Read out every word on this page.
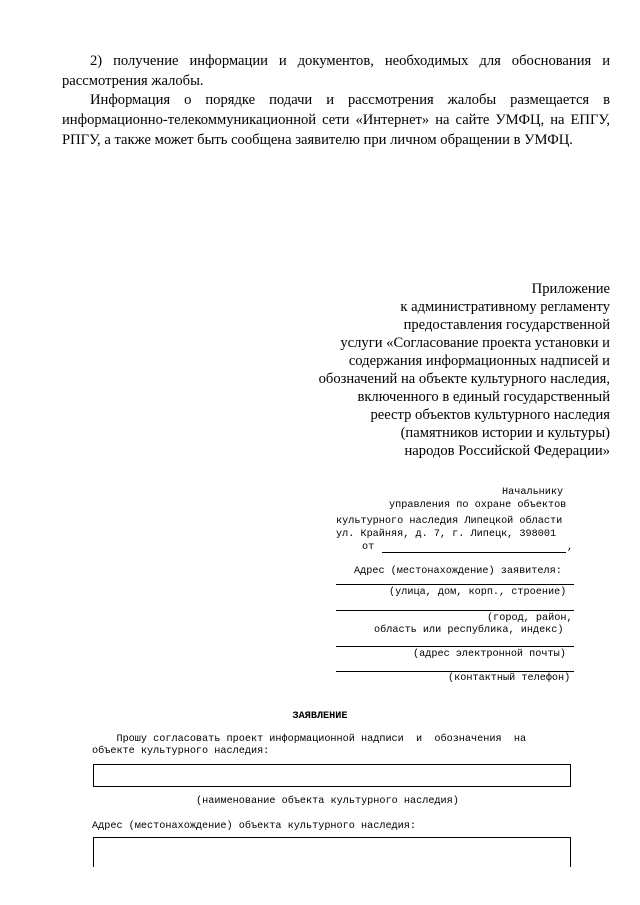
2) получение информации и документов, необходимых для обоснования и рассмотрения жалобы.
Информация о порядке подачи и рассмотрения жалобы размещается в информационно-телекоммуникационной сети «Интернет» на сайте УМФЦ, на ЕПГУ, РПГУ, а также может быть сообщена заявителю при личном обращении в УМФЦ.
Приложение
к административному регламенту
предоставления государственной
услуги «Согласование проекта установки и
содержания информационных надписей и
обозначений на объекте культурного наследия,
включенного в единый государственный
реестр объектов культурного наследия
(памятников истории и культуры)
народов Российской Федерации»
Начальнику
управления по охране объектов
культурного наследия Липецкой области
ул. Крайняя, д. 7, г. Липецк, 398001
от	,
Адрес (местонахождение) заявителя:
(улица, дом, корп., строение)
(город, район,
область или республика, индекс)
(адрес электронной почты)
(контактный телефон)
ЗАЯВЛЕНИЕ
Прошу согласовать проект информационной надписи  и  обозначения  на
объекте культурного наследия:
(наименование объекта культурного наследия)
Адрес (местонахождение) объекта культурного наследия:
